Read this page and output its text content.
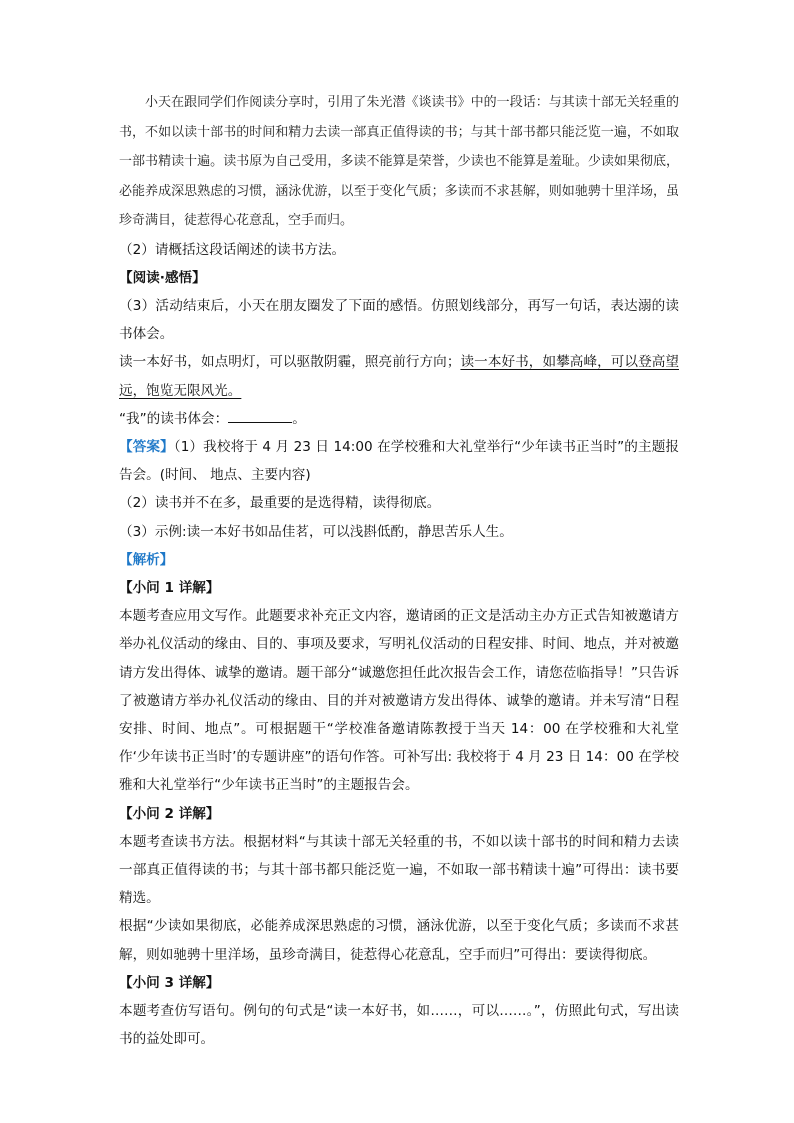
小天在跟同学们作阅读分享时，引用了朱光潜《谈读书》中的一段话：与其读十部无关轻重的书，不如以读十部书的时间和精力去读一部真正值得读的书；与其十部书都只能泛览一遍，不如取一部书精读十遍。读书原为自己受用，多读不能算是荣誉，少读也不能算是羞耻。少读如果彻底，必能养成深思熟虑的习惯，涵泳优游，以至于变化气质；多读而不求甚解，则如驰骋十里洋场，虽珍奇满目，徒惹得心花意乱，空手而归。

（2）请概括这段话阐述的读书方法。

【阅读·感悟】

（3）活动结束后，小天在朋友圈发了下面的感悟。仿照划线部分，再写一句话，表达溺的读书体会。

读一本好书，如点明灯，可以驱散阴霾，照亮前行方向；读一本好书，如攀高峰，可以登高望远，饱览无限风光。

“我”的读书体会：	。

【答案】（1）我校将于 4 月 23 日 14:00 在学校雅和大礼堂举行“少年读书正当时”的主题报告会。(时间、 地点、主要内容)

（2）读书并不在多，最重要的是选得精，读得彻底。

（3）示例:读一本好书如品佳茗，可以浅斟低酌，静思苦乐人生。

【解析】

【小问 1 详解】

本题考查应用文写作。此题要求补充正文内容，邀请函的正文是活动主办方正式告知被邀请方举办礼仪活动的缘由、目的、事项及要求，写明礼仪活动的日程安排、时间、地点，并对被邀请方发出得体、诚挚的邀请。题干部分“诚邀您担任此次报告会工作，请您莅临指导！”只告诉了被邀请方举办礼仪活动的缘由、目的并对被邀请方发出得体、诚挚的邀请。并未写清“日程安排、时间、地点”。可根据题干“学校准备邀请陈教授于当天 14：00 在学校雅和大礼堂作‘少年读书正当时’的专题讲座”的语句作答。可补写出: 我校将于 4 月 23 日 14：00 在学校雅和大礼堂举行“少年读书正当时”的主题报告会。

【小问 2 详解】

本题考查读书方法。根据材料“与其读十部无关轻重的书，不如以读十部书的时间和精力去读一部真正值得读的书；与其十部书都只能泛览一遍，不如取一部书精读十遍”可得出：读书要精选。

根据“少读如果彻底，必能养成深思熟虑的习惯，涵泳优游，以至于变化气质；多读而不求甚解，则如驰骋十里洋场，虽珍奇满目，徒惹得心花意乱，空手而归”可得出：要读得彻底。

【小问 3 详解】

本题考查仿写语句。例句的句式是“读一本好书，如……，可以……。”，仿照此句式，写出读书的益处即可。
